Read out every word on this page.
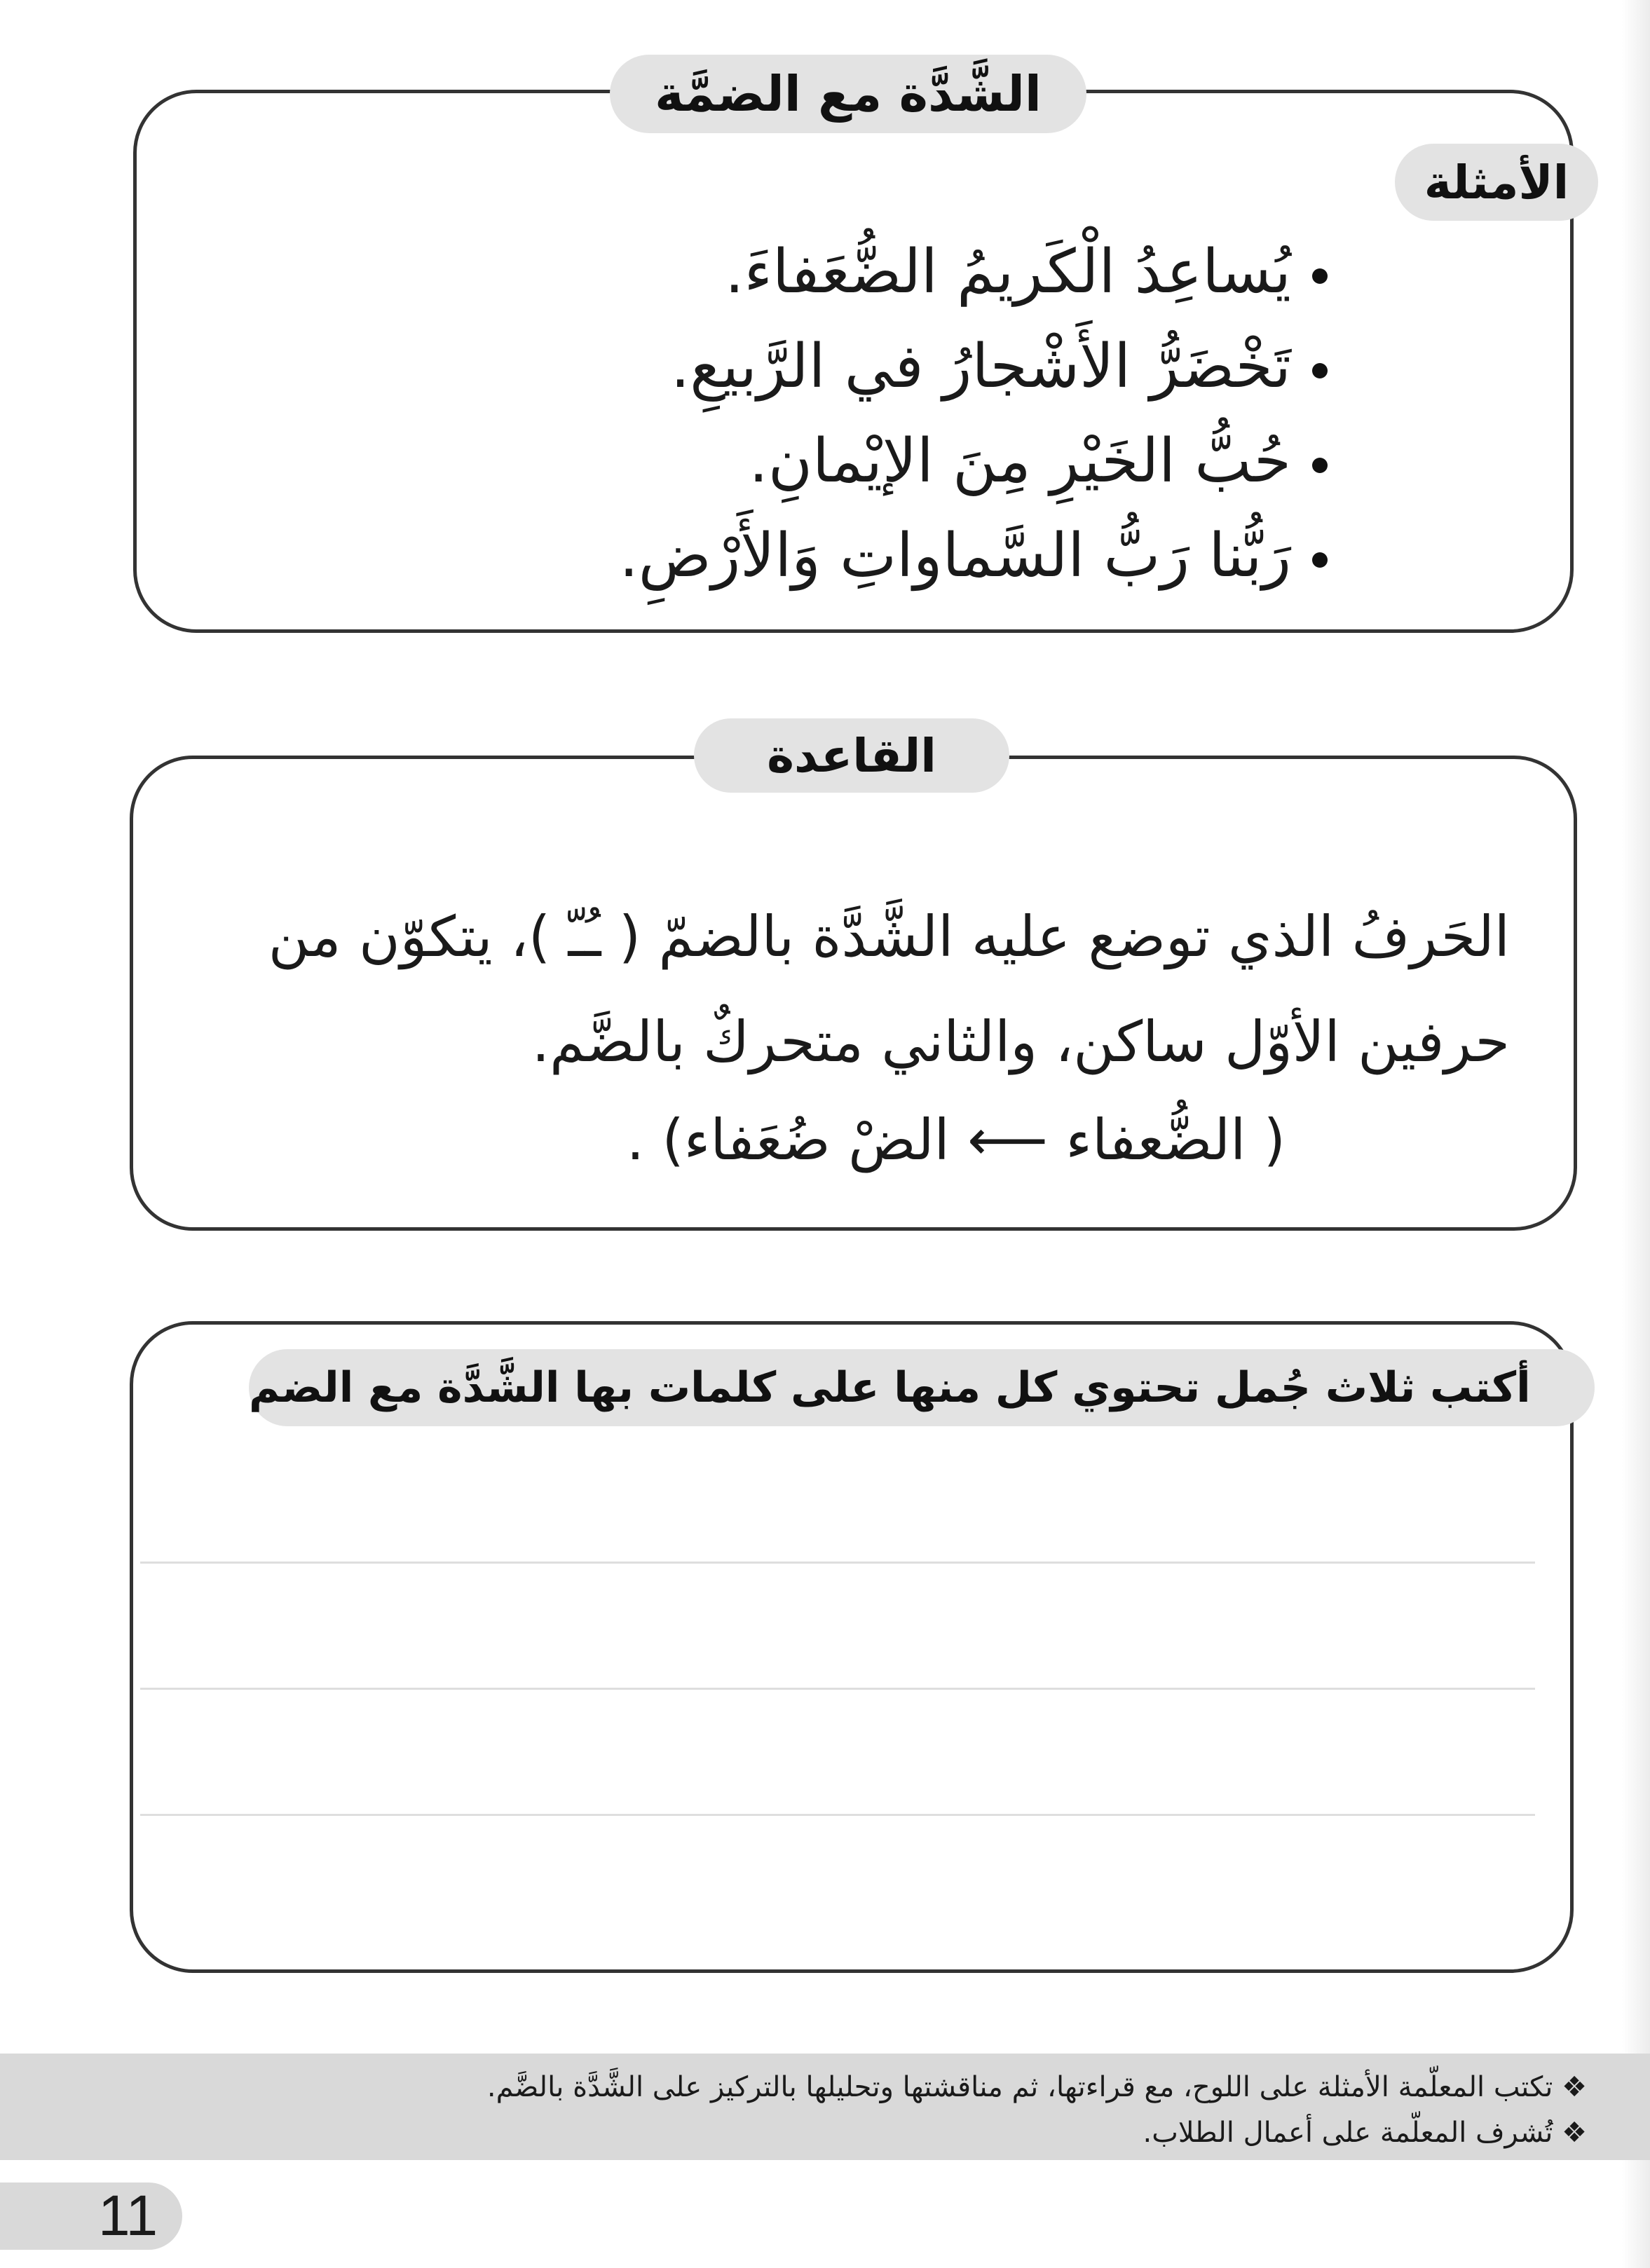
الشَّدَّة مع الضمَّة
الأمثلة
يُساعِدُ الْكَريمُ الضُّعَفاءَ.
تَخْضَرُّ الأَشْجارُ في الرَّبيعِ.
حُبُّ الخَيْرِ مِنَ الإيْمانِ.
رَبُّنا رَبُّ السَّماواتِ وَالأَرْضِ.
القاعدة
الحَرفُ الذي توضع عليه الشَّدَّة بالضمّ ( ـُـّ )، يتكوّن من
حرفين الأوّل ساكن، والثاني متحركٌ بالضَّم.
( الضُّعفاء ⟵ الضْ ضُعَفاء) .
أكتب ثلاث جُمل تحتوي كل منها على كلمات بها الشَّدَّة مع الضم
❖ تكتب المعلّمة الأمثلة على اللوح، مع قراءتها، ثم مناقشتها وتحليلها بالتركيز على الشَّدَّة بالضَّم.
❖ تُشرف المعلّمة على أعمال الطلاب.
11
